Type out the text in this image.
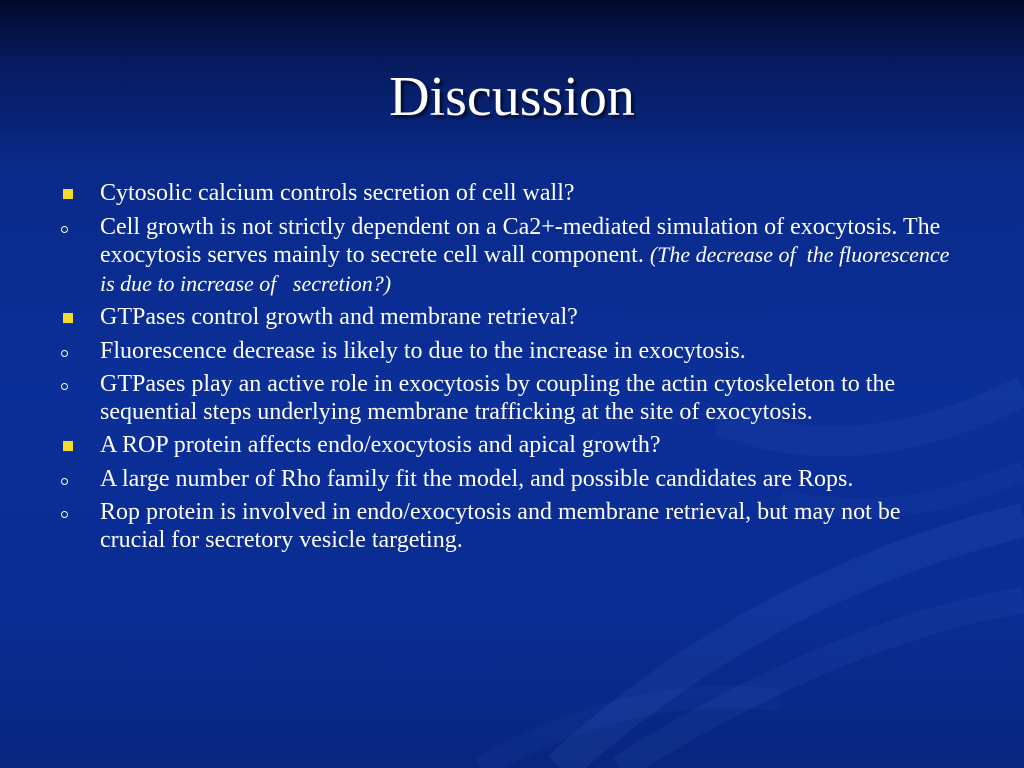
Discussion
Cytosolic calcium controls secretion of cell wall?
Cell growth is not strictly dependent on a Ca2+-mediated simulation of exocytosis. The exocytosis serves mainly to secrete cell wall component. (The decrease of  the fluorescence is due to increase of   secretion?)
GTPases control growth and membrane retrieval?
Fluorescence decrease is likely to due to the increase in exocytosis.
GTPases play an active role in exocytosis by coupling the actin cytoskeleton to the sequential steps underlying membrane trafficking at the site of exocytosis.
A ROP protein affects endo/exocytosis and apical growth?
A large number of Rho family fit the model, and possible candidates are Rops.
Rop protein is involved in endo/exocytosis and membrane retrieval, but may not be crucial for secretory vesicle targeting.
